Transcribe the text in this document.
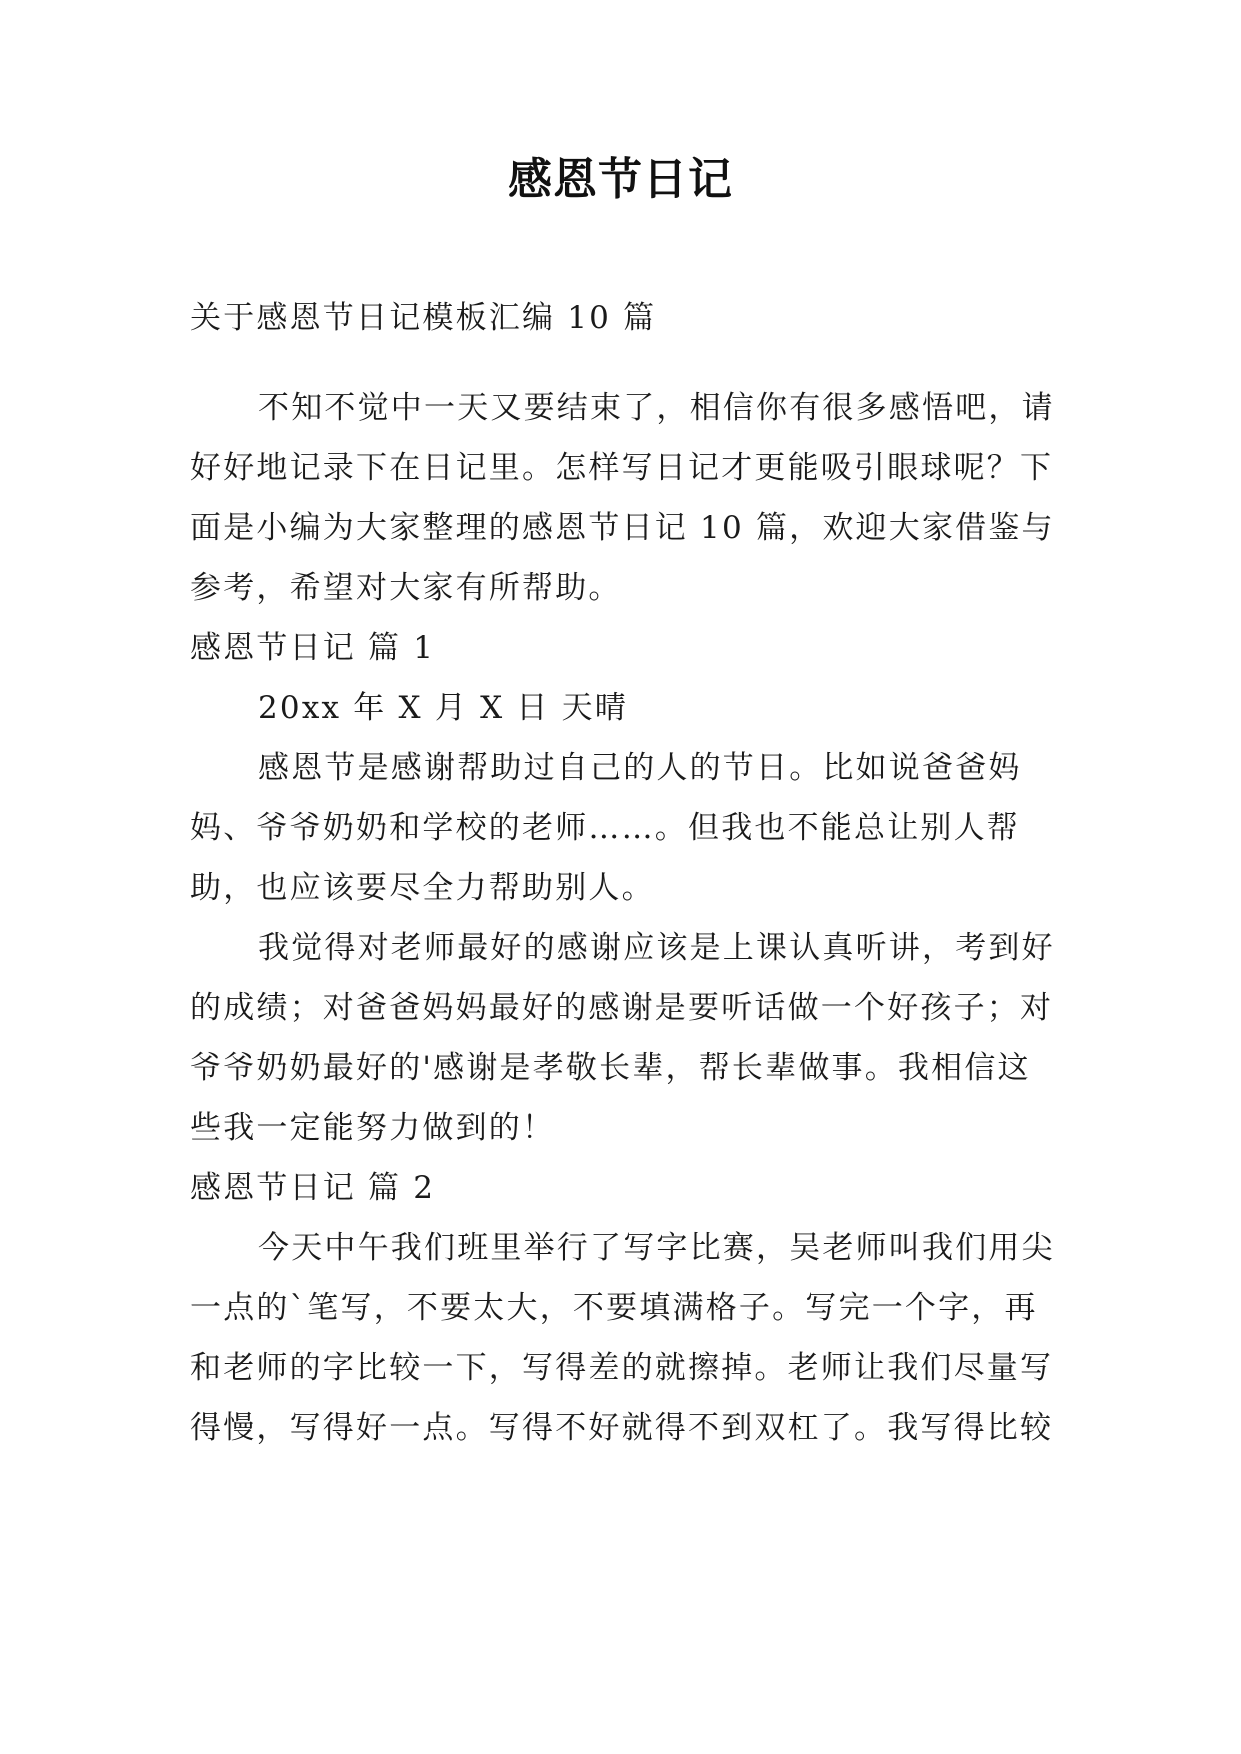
感恩节日记

关于感恩节日记模板汇编 10 篇

不知不觉中一天又要结束了，相信你有很多感悟吧，请好好地记录下在日记里。怎样写日记才更能吸引眼球呢？下面是小编为大家整理的感恩节日记 10 篇，欢迎大家借鉴与参考，希望对大家有所帮助。

感恩节日记 篇 1

20xx 年 X 月 X 日 天晴

感恩节是感谢帮助过自己的人的节日。比如说爸爸妈妈、爷爷奶奶和学校的老师……。但我也不能总让别人帮助，也应该要尽全力帮助别人。

我觉得对老师最好的感谢应该是上课认真听讲，考到好的成绩；对爸爸妈妈最好的感谢是要听话做一个好孩子；对爷爷奶奶最好的'感谢是孝敬长辈，帮长辈做事。我相信这些我一定能努力做到的！

感恩节日记 篇 2

今天中午我们班里举行了写字比赛，吴老师叫我们用尖一点的`笔写，不要太大，不要填满格子。写完一个字，再和老师的字比较一下，写得差的就擦掉。老师让我们尽量写得慢，写得好一点。写得不好就得不到双杠了。我写得比较
